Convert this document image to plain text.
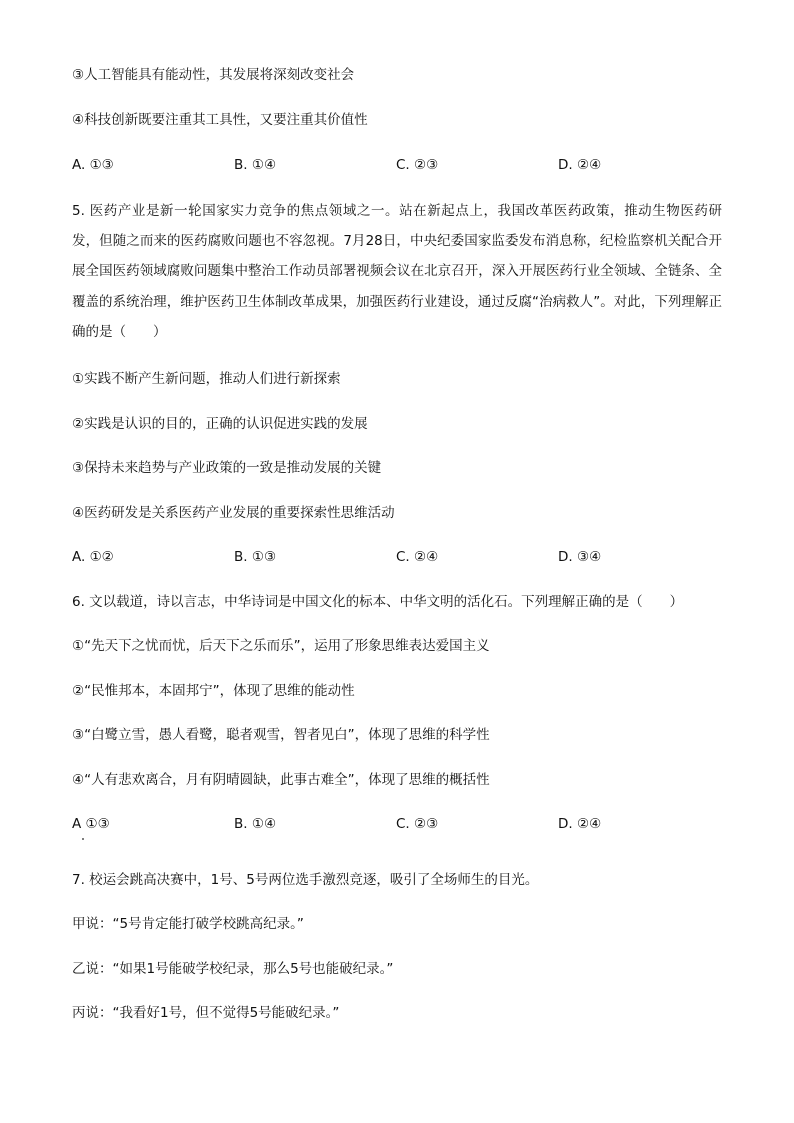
③人工智能具有能动性，其发展将深刻改变社会
④科技创新既要注重其工具性，又要注重其价值性
A. ①③	B. ①④	C. ②③	D. ②④
5. 医药产业是新一轮国家实力竞争的焦点领域之一。站在新起点上，我国改革医药政策，推动生物医药研发，但随之而来的医药腐败问题也不容忽视。7月28日，中央纪委国家监委发布消息称，纪检监察机关配合开展全国医药领域腐败问题集中整治工作动员部署视频会议在北京召开，深入开展医药行业全领域、全链条、全覆盖的系统治理，维护医药卫生体制改革成果，加强医药行业建设，通过反腐“治病救人”。对此，下列理解正确的是（　　）
①实践不断产生新问题，推动人们进行新探索
②实践是认识的目的，正确的认识促进实践的发展
③保持未来趋势与产业政策的一致是推动发展的关键
④医药研发是关系医药产业发展的重要探索性思维活动
A. ①②	B. ①③	C. ②④	D. ③④
6. 文以载道，诗以言志，中华诗词是中国文化的标本、中华文明的活化石。下列理解正确的是（　　）
①“先天下之忧而忧，后天下之乐而乐”，运用了形象思维表达爱国主义
②“民惟邦本，本固邦宁”，体现了思维的能动性
③“白鹭立雪，愚人看鹭，聪者观雪，智者见白”，体现了思维的科学性
④“人有悲欢离合，月有阴晴圆缺，此事古难全”，体现了思维的概括性
A ①③	B. ①④	C. ②③	D. ②④
7. 校运会跳高决赛中，1号、5号两位选手激烈竞逐，吸引了全场师生的目光。
甲说：“5号肯定能打破学校跳高纪录。”
乙说：“如果1号能破学校纪录，那么5号也能破纪录。”
丙说：“我看好1号，但不觉得5号能破纪录。”
